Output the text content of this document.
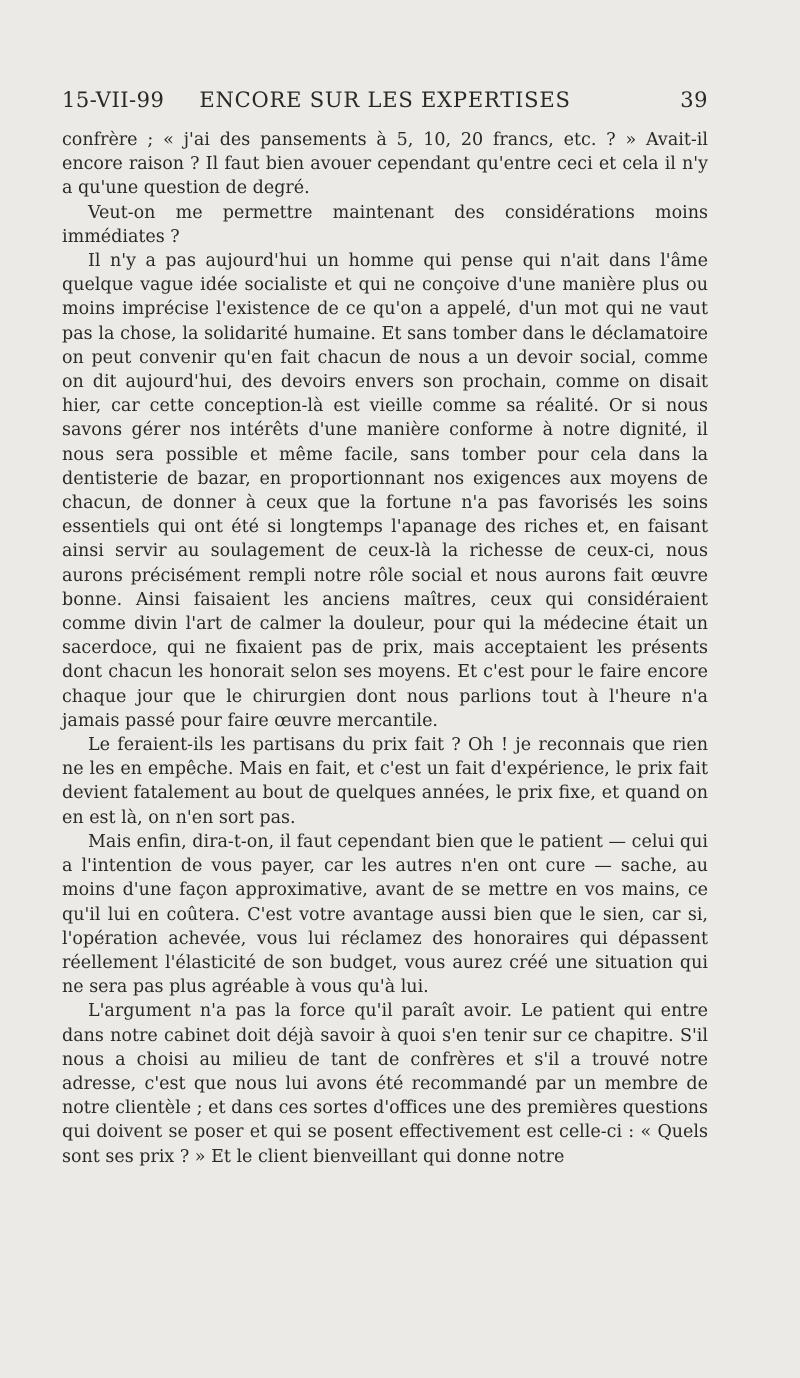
15-VII-99	ENCORE SUR LES EXPERTISES	39

confrère ; « j'ai des pansements à 5, 10, 20 francs, etc. ? » Avait-il encore raison ? Il faut bien avouer cependant qu'entre ceci et cela il n'y a qu'une question de degré.

Veut-on me permettre maintenant des considérations moins immédiates ?

Il n'y a pas aujourd'hui un homme qui pense qui n'ait dans l'âme quelque vague idée socialiste et qui ne conçoive d'une manière plus ou moins imprécise l'existence de ce qu'on a appelé, d'un mot qui ne vaut pas la chose, la solidarité humaine. Et sans tomber dans le déclamatoire on peut convenir qu'en fait chacun de nous a un devoir social, comme on dit aujourd'hui, des devoirs envers son prochain, comme on disait hier, car cette conception-là est vieille comme sa réalité. Or si nous savons gérer nos intérêts d'une manière conforme à notre dignité, il nous sera possible et même facile, sans tomber pour cela dans la dentisterie de bazar, en proportionnant nos exigences aux moyens de chacun, de donner à ceux que la fortune n'a pas favorisés les soins essentiels qui ont été si longtemps l'apanage des riches et, en faisant ainsi servir au soulagement de ceux-là la richesse de ceux-ci, nous aurons précisément rempli notre rôle social et nous aurons fait œuvre bonne. Ainsi faisaient les anciens maîtres, ceux qui considéraient comme divin l'art de calmer la douleur, pour qui la médecine était un sacerdoce, qui ne fixaient pas de prix, mais acceptaient les présents dont chacun les honorait selon ses moyens. Et c'est pour le faire encore chaque jour que le chirurgien dont nous parlions tout à l'heure n'a jamais passé pour faire œuvre mercantile.

Le feraient-ils les partisans du prix fait ? Oh ! je reconnais que rien ne les en empêche. Mais en fait, et c'est un fait d'expérience, le prix fait devient fatalement au bout de quelques années, le prix fixe, et quand on en est là, on n'en sort pas.

Mais enfin, dira-t-on, il faut cependant bien que le patient — celui qui a l'intention de vous payer, car les autres n'en ont cure — sache, au moins d'une façon approximative, avant de se mettre en vos mains, ce qu'il lui en coûtera. C'est votre avantage aussi bien que le sien, car si, l'opération achevée, vous lui réclamez des honoraires qui dépassent réellement l'élasticité de son budget, vous aurez créé une situation qui ne sera pas plus agréable à vous qu'à lui.

L'argument n'a pas la force qu'il paraît avoir. Le patient qui entre dans notre cabinet doit déjà savoir à quoi s'en tenir sur ce chapitre. S'il nous a choisi au milieu de tant de confrères et s'il a trouvé notre adresse, c'est que nous lui avons été recommandé par un membre de notre clientèle ; et dans ces sortes d'offices une des premières questions qui doivent se poser et qui se posent effectivement est celle-ci : « Quels sont ses prix ? » Et le client bienveillant qui donne notre
